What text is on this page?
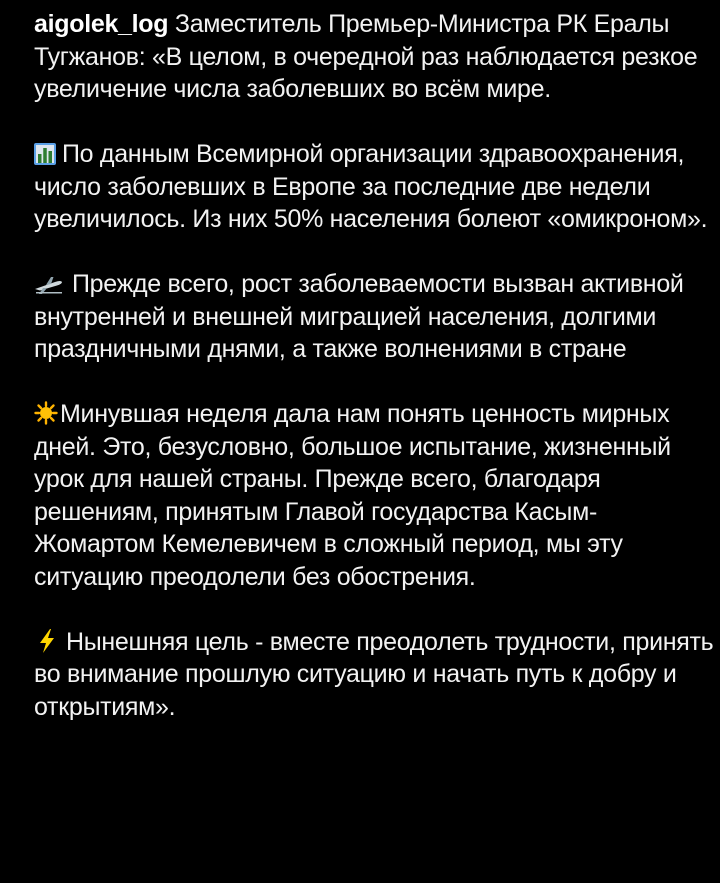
aigolek_log Заместитель Премьер-Министра РК Ералы Тугжанов: «В целом, в очередной раз наблюдается резкое увеличение числа заболевших во всём мире.

По данным Всемирной организации здравоохранения, число заболевших в Европе за последние две недели увеличилось. Из них 50% населения болеют «омикроном».

Прежде всего, рост заболеваемости вызван активной внутренней и внешней миграцией населения, долгими праздничными днями, а также волнениями в стране

Минувшая неделя дала нам понять ценность мирных дней. Это, безусловно, большое испытание, жизненный урок для нашей страны. Прежде всего, благодаря решениям, принятым Главой государства Касым-Жомартом Кемелевичем в сложный период, мы эту ситуацию преодолели без обострения.

Нынешняя цель - вместе преодолеть трудности, принять во внимание прошлую ситуацию и начать путь к добру и открытиям».
